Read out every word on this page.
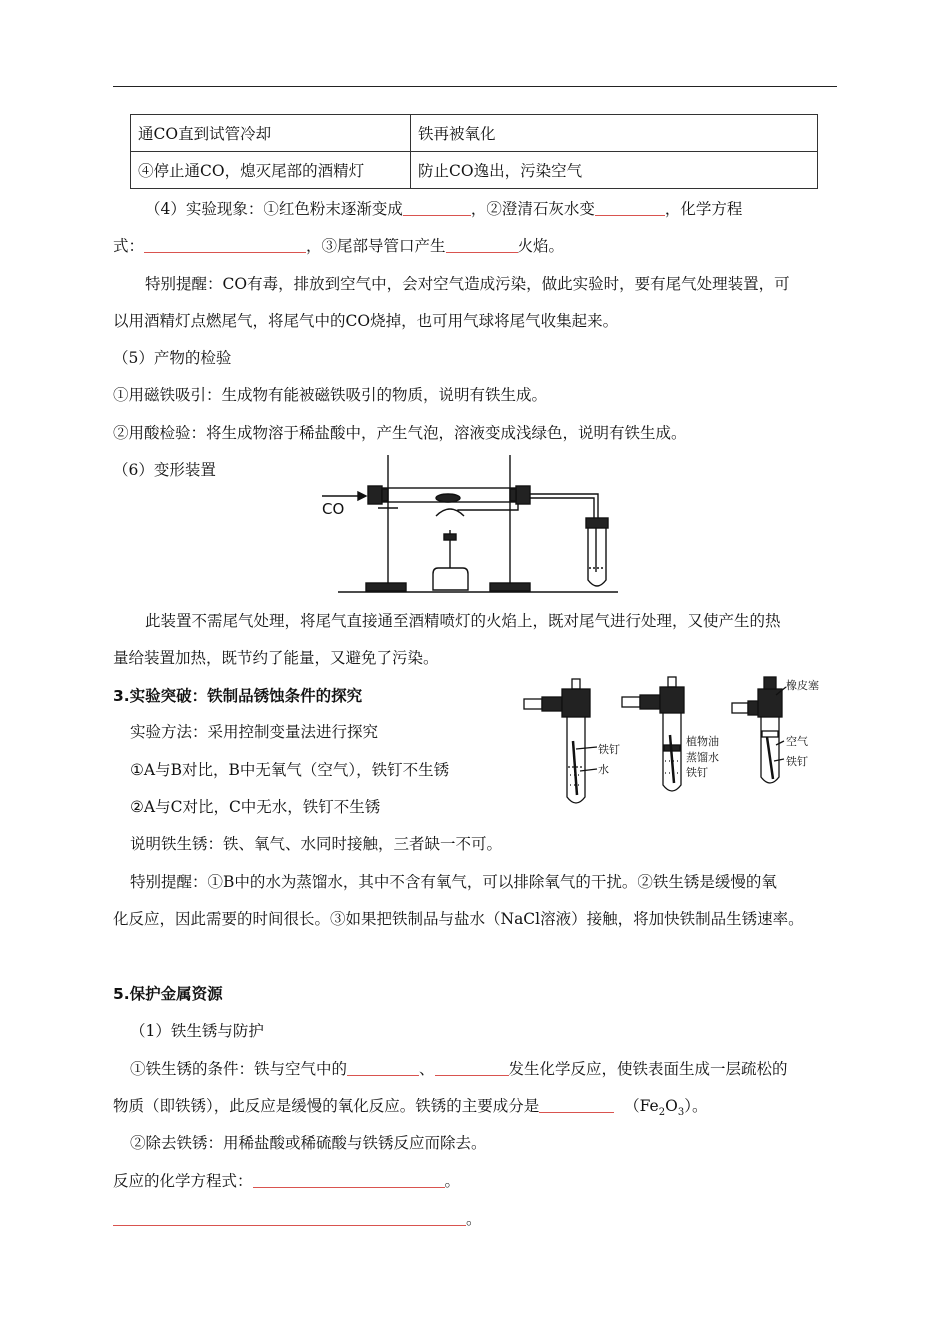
通CO直到试管冷却	铁再被氧化
④停止通CO，熄灭尾部的酒精灯	防止CO逸出，污染空气
（4）实验现象：①红色粉末逐渐变成	，②澄清石灰水变	，化学方程
式：	，③尾部导管口产生	火焰。
特别提醒：CO有毒，排放到空气中，会对空气造成污染，做此实验时，要有尾气处理装置，可
以用酒精灯点燃尾气，将尾气中的CO烧掉，也可用气球将尾气收集起来。
（5）产物的检验
①用磁铁吸引：生成物有能被磁铁吸引的物质，说明有铁生成。
②用酸检验：将生成物溶于稀盐酸中，产生气泡，溶液变成浅绿色，说明有铁生成。
（6）变形装置
CO
此装置不需尾气处理，将尾气直接通至酒精喷灯的火焰上，既对尾气进行处理，又使产生的热
量给装置加热，既节约了能量，又避免了污染。
3.实验突破：铁制品锈蚀条件的探究
实验方法：采用控制变量法进行探究
①A与B对比，B中无氧气（空气），铁钉不生锈
②A与C对比，C中无水，铁钉不生锈
说明铁生锈：铁、氧气、水同时接触，三者缺一不可。
特别提醒：①B中的水为蒸馏水，其中不含有氧气，可以排除氧气的干扰。②铁生锈是缓慢的氧
化反应，因此需要的时间很长。③如果把铁制品与盐水（NaCl溶液）接触，将加快铁制品生锈速率。
铁钉
水
植物油
蒸馏水
铁钉
橡皮塞
空气
铁钉
5.保护金属资源
（1）铁生锈与防护
①铁生锈的条件：铁与空气中的	、	发生化学反应，使铁表面生成一层疏松的
物质（即铁锈），此反应是缓慢的氧化反应。铁锈的主要成分是	$(Fe_2O_3)$。
②除去铁锈：用稀盐酸或稀硫酸与铁锈反应而除去。
反应的化学方程式：	。
。
